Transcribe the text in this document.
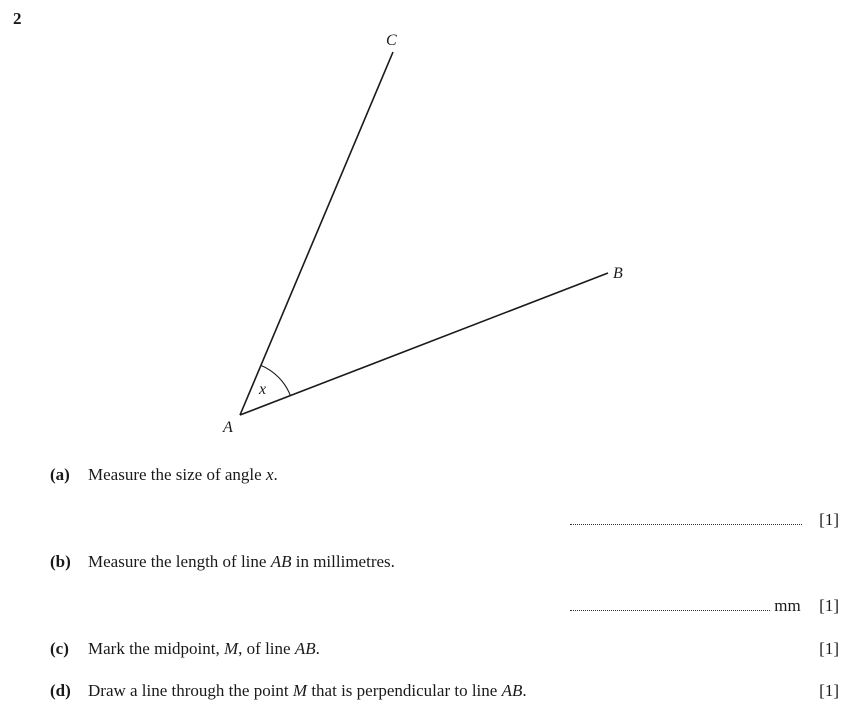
2
C
B
A
x
(a) Measure the size of angle x.
[1]
(b) Measure the length of line AB in millimetres.
mm [1]
(c) Mark the midpoint, M, of line AB.	[1]
(d) Draw a line through the point M that is perpendicular to line AB.	[1]
